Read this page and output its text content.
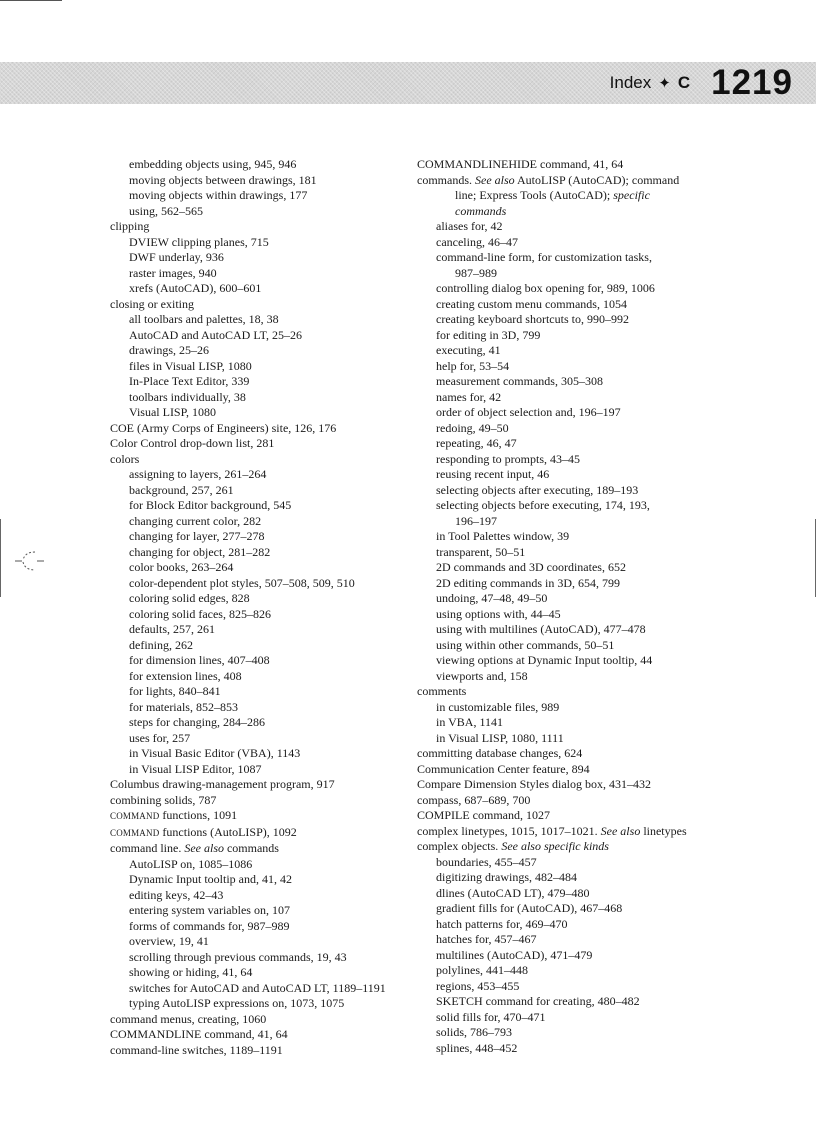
Index ✦ C 1219
embedding objects using, 945, 946
moving objects between drawings, 181
moving objects within drawings, 177
using, 562–565
clipping
DVIEW clipping planes, 715
DWF underlay, 936
raster images, 940
xrefs (AutoCAD), 600–601
closing or exiting
all toolbars and palettes, 18, 38
AutoCAD and AutoCAD LT, 25–26
drawings, 25–26
files in Visual LISP, 1080
In-Place Text Editor, 339
toolbars individually, 38
Visual LISP, 1080
COE (Army Corps of Engineers) site, 126, 176
Color Control drop-down list, 281
colors
assigning to layers, 261–264
background, 257, 261
for Block Editor background, 545
changing current color, 282
changing for layer, 277–278
changing for object, 281–282
color books, 263–264
color-dependent plot styles, 507–508, 509, 510
coloring solid edges, 828
coloring solid faces, 825–826
defaults, 257, 261
defining, 262
for dimension lines, 407–408
for extension lines, 408
for lights, 840–841
for materials, 852–853
steps for changing, 284–286
uses for, 257
in Visual Basic Editor (VBA), 1143
in Visual LISP Editor, 1087
Columbus drawing-management program, 917
combining solids, 787
COMMAND functions, 1091
COMMAND functions (AutoLISP), 1092
command line. See also commands
AutoLISP on, 1085–1086
Dynamic Input tooltip and, 41, 42
editing keys, 42–43
entering system variables on, 107
forms of commands for, 987–989
overview, 19, 41
scrolling through previous commands, 19, 43
showing or hiding, 41, 64
switches for AutoCAD and AutoCAD LT, 1189–1191
typing AutoLISP expressions on, 1073, 1075
command menus, creating, 1060
COMMANDLINE command, 41, 64
command-line switches, 1189–1191
COMMANDLINEHIDE command, 41, 64
commands. See also AutoLISP (AutoCAD); command
line; Express Tools (AutoCAD); specific
commands
aliases for, 42
canceling, 46–47
command-line form, for customization tasks,
987–989
controlling dialog box opening for, 989, 1006
creating custom menu commands, 1054
creating keyboard shortcuts to, 990–992
for editing in 3D, 799
executing, 41
help for, 53–54
measurement commands, 305–308
names for, 42
order of object selection and, 196–197
redoing, 49–50
repeating, 46, 47
responding to prompts, 43–45
reusing recent input, 46
selecting objects after executing, 189–193
selecting objects before executing, 174, 193,
196–197
in Tool Palettes window, 39
transparent, 50–51
2D commands and 3D coordinates, 652
2D editing commands in 3D, 654, 799
undoing, 47–48, 49–50
using options with, 44–45
using with multilines (AutoCAD), 477–478
using within other commands, 50–51
viewing options at Dynamic Input tooltip, 44
viewports and, 158
comments
in customizable files, 989
in VBA, 1141
in Visual LISP, 1080, 1111
committing database changes, 624
Communication Center feature, 894
Compare Dimension Styles dialog box, 431–432
compass, 687–689, 700
COMPILE command, 1027
complex linetypes, 1015, 1017–1021. See also linetypes
complex objects. See also specific kinds
boundaries, 455–457
digitizing drawings, 482–484
dlines (AutoCAD LT), 479–480
gradient fills for (AutoCAD), 467–468
hatch patterns for, 469–470
hatches for, 457–467
multilines (AutoCAD), 471–479
polylines, 441–448
regions, 453–455
SKETCH command for creating, 480–482
solid fills for, 470–471
solids, 786–793
splines, 448–452
